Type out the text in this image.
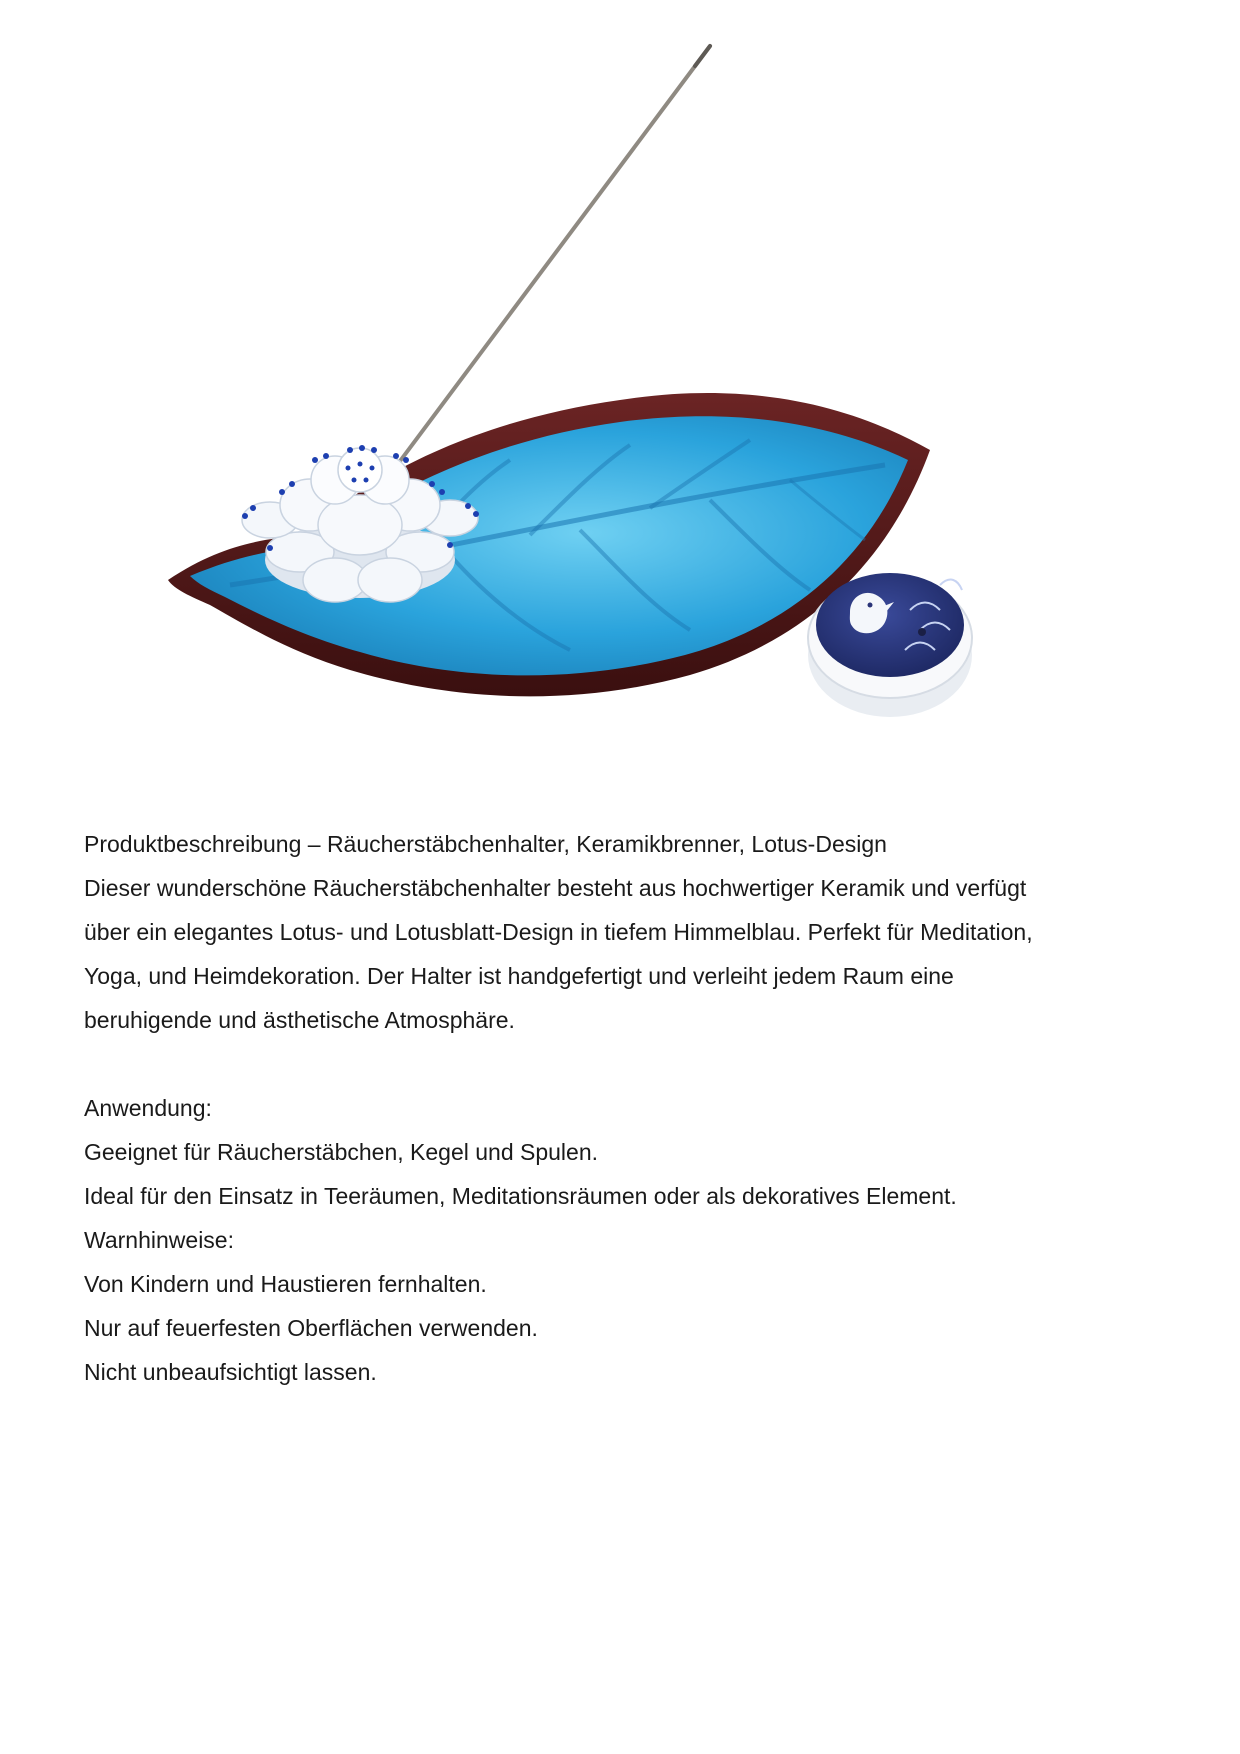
Produktbeschreibung – Räucherstäbchenhalter, Keramikbrenner, Lotus-Design

Dieser wunderschöne Räucherstäbchenhalter besteht aus hochwertiger Keramik und verfügt

über ein elegantes Lotus- und Lotusblatt-Design in tiefem Himmelblau. Perfekt für Meditation,

Yoga, und Heimdekoration. Der Halter ist handgefertigt und verleiht jedem Raum eine

beruhigende und ästhetische Atmosphäre.

Anwendung:

Geeignet für Räucherstäbchen, Kegel und Spulen.

Ideal für den Einsatz in Teeräumen, Meditationsräumen oder als dekoratives Element.

Warnhinweise:

Von Kindern und Haustieren fernhalten.

Nur auf feuerfesten Oberflächen verwenden.

Nicht unbeaufsichtigt lassen.
